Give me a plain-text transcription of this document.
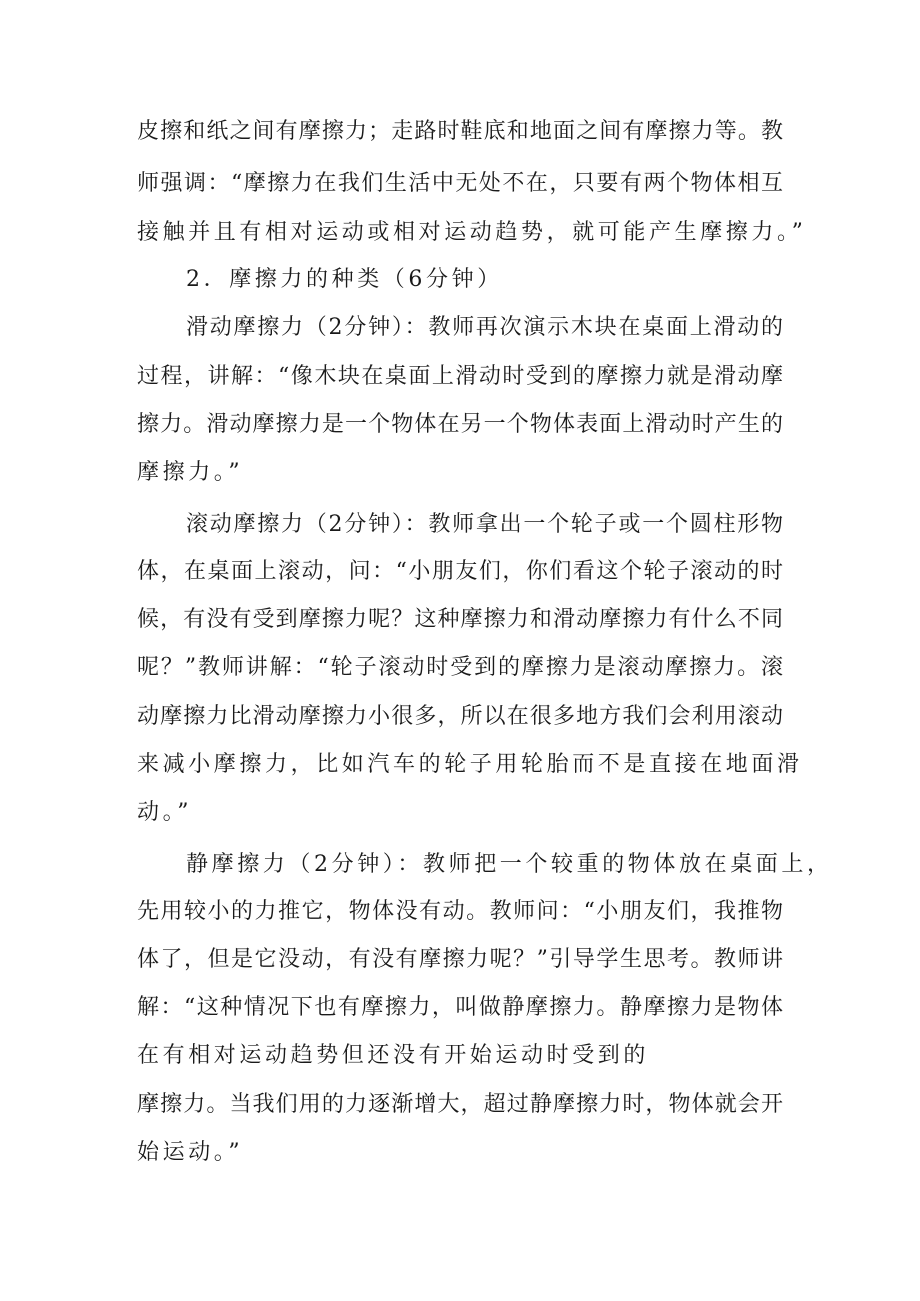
皮擦和纸之间有摩擦力；走路时鞋底和地面之间有摩擦力等。教
师强调：“摩擦力在我们生活中无处不在，只要有两个物体相互
接触并且有相对运动或相对运动趋势，就可能产生摩擦力。”
2．摩擦力的种类（6分钟）
滑动摩擦力（2分钟）：教师再次演示木块在桌面上滑动的
过程，讲解：“像木块在桌面上滑动时受到的摩擦力就是滑动摩
擦力。滑动摩擦力是一个物体在另一个物体表面上滑动时产生的
摩擦力。”
滚动摩擦力（2分钟）：教师拿出一个轮子或一个圆柱形物
体，在桌面上滚动，问：“小朋友们，你们看这个轮子滚动的时
候，有没有受到摩擦力呢？这种摩擦力和滑动摩擦力有什么不同
呢？”教师讲解：“轮子滚动时受到的摩擦力是滚动摩擦力。滚
动摩擦力比滑动摩擦力小很多，所以在很多地方我们会利用滚动
来减小摩擦力，比如汽车的轮子用轮胎而不是直接在地面滑
动。”
静摩擦力（2分钟）：教师把一个较重的物体放在桌面上，
先用较小的力推它，物体没有动。教师问：“小朋友们，我推物
体了，但是它没动，有没有摩擦力呢？”引导学生思考。教师讲
解：“这种情况下也有摩擦力，叫做静摩擦力。静摩擦力是物体
在有相对运动趋势但还没有开始运动时受到的
摩擦力。当我们用的力逐渐增大，超过静摩擦力时，物体就会开
始运动。”
